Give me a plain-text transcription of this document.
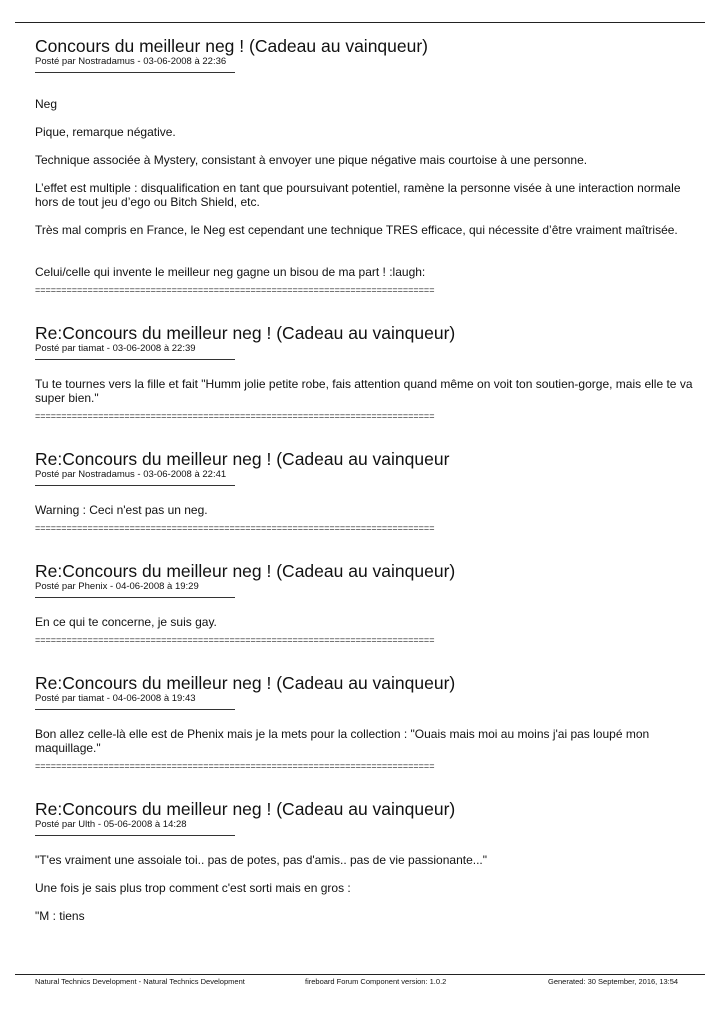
Concours du meilleur neg ! (Cadeau au vainqueur)
Posté par Nostradamus - 03-06-2008 à 22:36

Neg

Pique, remarque négative.

Technique associée à Mystery, consistant à envoyer une pique négative mais courtoise à une personne.

L’effet est multiple : disqualification en tant que poursuivant potentiel, ramène la personne visée à une interaction normale hors de tout jeu d’ego ou Bitch Shield, etc.

Très mal compris en France, le Neg est cependant une technique TRES efficace, qui nécessite d’être vraiment maîtrisée.

Celui/celle qui invente le meilleur neg gagne un bisou de ma part ! :laugh:

============================================================================
Re:Concours du meilleur neg ! (Cadeau au vainqueur)
Posté par tiamat - 03-06-2008 à 22:39

Tu te tournes vers la fille et fait "Humm jolie petite robe, fais attention quand même on voit ton soutien-gorge, mais elle te va super bien."

============================================================================
Re:Concours du meilleur neg ! (Cadeau au vainqueur
Posté par Nostradamus - 03-06-2008 à 22:41

Warning : Ceci n'est pas un neg.

============================================================================
Re:Concours du meilleur neg ! (Cadeau au vainqueur)
Posté par Phenix - 04-06-2008 à 19:29

En ce qui te concerne, je suis gay.

============================================================================
Re:Concours du meilleur neg ! (Cadeau au vainqueur)
Posté par tiamat - 04-06-2008 à 19:43

Bon allez celle-là elle est de Phenix mais je la mets pour la collection : "Ouais mais moi au moins j'ai pas loupé mon maquillage."

============================================================================
Re:Concours du meilleur neg ! (Cadeau au vainqueur)
Posté par Ulth - 05-06-2008 à 14:28

"T'es vraiment une assoiale toi.. pas de potes, pas d'amis.. pas de vie passionante..."

Une fois je sais plus trop comment c'est sorti mais en gros :

"M : tiens

Natural Technics Development - Natural Technics Development	fireboard Forum Component version: 1.0.2	Generated: 30 September, 2016, 13:54
